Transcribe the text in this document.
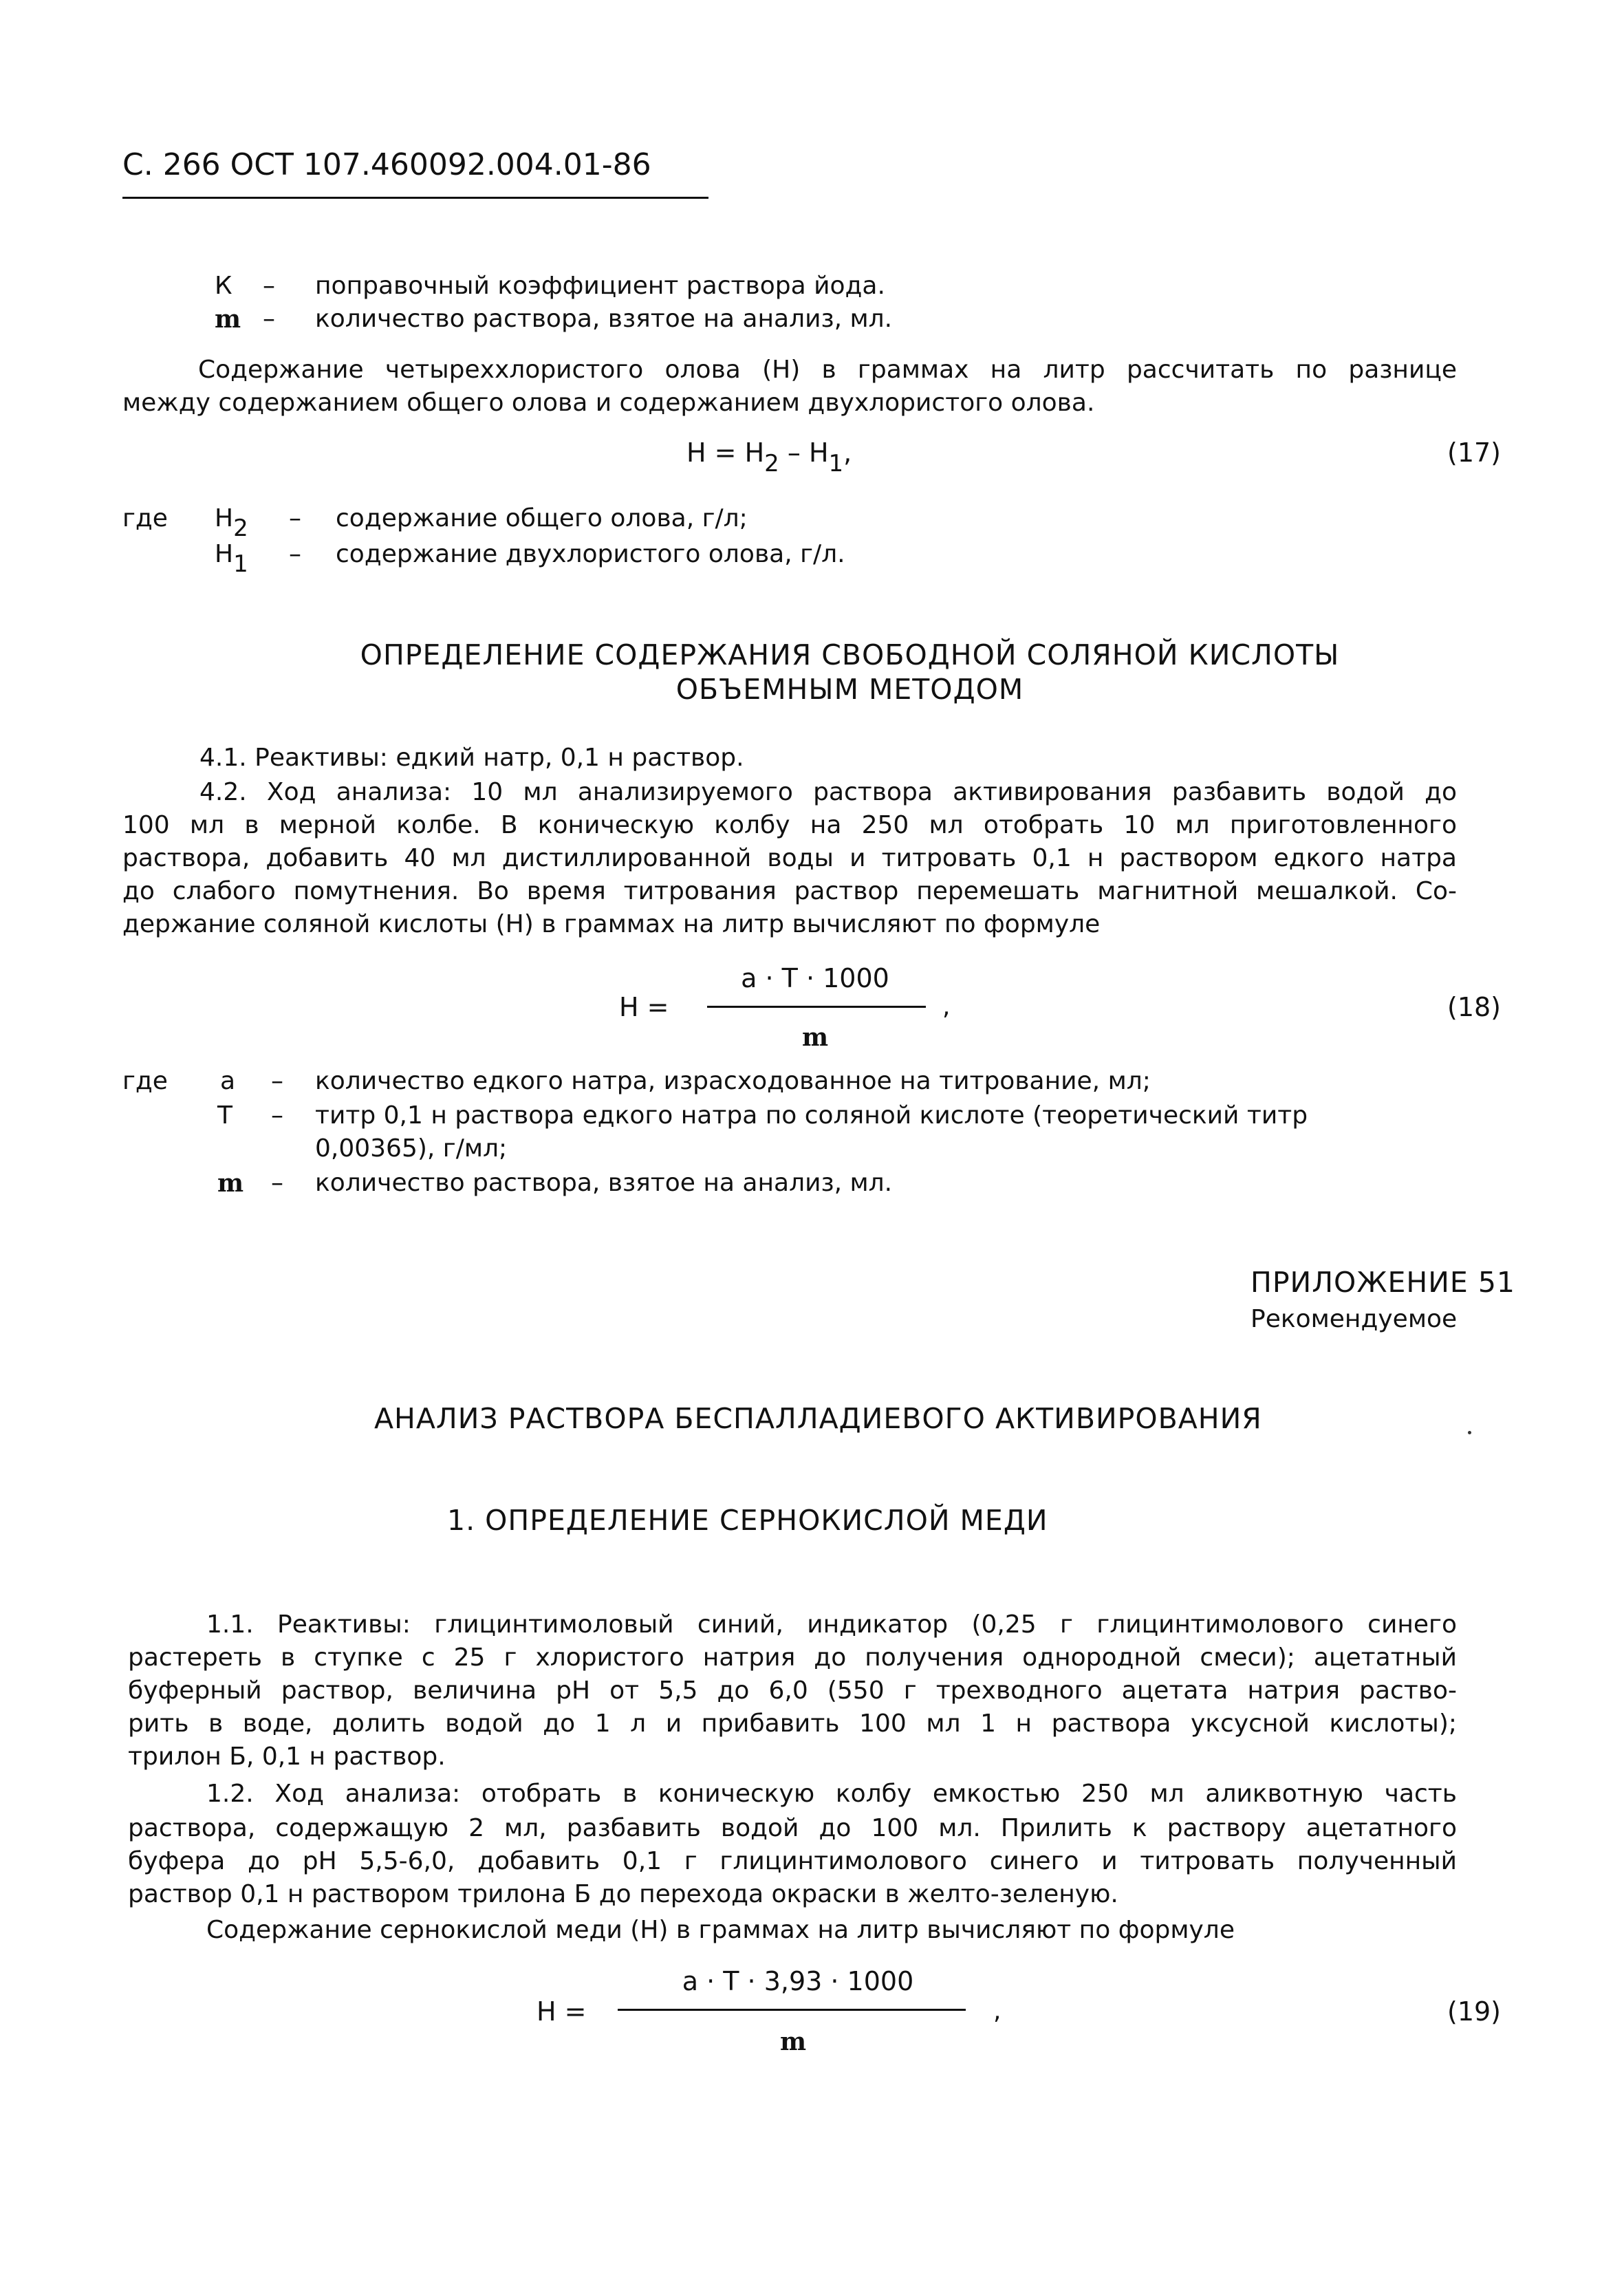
С. 266 ОСТ 107.460092.004.01-86
К – поправочный коэффициент раствора йода.
m – количество раствора, взятое на анализ, мл.
Содержание четыреххлористого олова (Н) в граммах на литр рассчитать по разнице
между содержанием общего олова и содержанием двухлористого олова.
Н = Н2 – Н1,	(17)
где Н2 – содержание общего олова, г/л;
Н1 – содержание двухлористого олова, г/л.
ОПРЕДЕЛЕНИЕ СОДЕРЖАНИЯ СВОБОДНОЙ СОЛЯНОЙ КИСЛОТЫ
ОБЪЕМНЫМ МЕТОДОМ
4.1. Реактивы: едкий натр, 0,1 н раствор.
4.2. Ход анализа: 10 мл анализируемого раствора активирования разбавить водой до
100 мл в мерной колбе. В коническую колбу на 250 мл отобрать 10 мл приготовленного
раствора, добавить 40 мл дистиллированной воды и титровать 0,1 н раствором едкого натра
до слабого помутнения. Во время титрования раствор перемешать магнитной мешалкой. Со-
держание соляной кислоты (Н) в граммах на литр вычисляют по формуле
а · Т · 1000
Н =	,
m
(18)
где а – количество едкого натра, израсходованное на титрование, мл;
Т – титр 0,1 н раствора едкого натра по соляной кислоте (теоретический титр
0,00365), г/мл;
m – количество раствора, взятое на анализ, мл.
ПРИЛОЖЕНИЕ 51
Рекомендуемое
АНАЛИЗ РАСТВОРА БЕСПАЛЛАДИЕВОГО АКТИВИРОВАНИЯ
1. ОПРЕДЕЛЕНИЕ СЕРНОКИСЛОЙ МЕДИ
1.1. Реактивы: глицинтимоловый синий, индикатор (0,25 г глицинтимолового синего
растереть в ступке с 25 г хлористого натрия до получения однородной смеси); ацетатный
буферный раствор, величина рН от 5,5 до 6,0 (550 г трехводного ацетата натрия раство-
рить в воде, долить водой до 1 л и прибавить 100 мл 1 н раствора уксусной кислоты);
трилон Б, 0,1 н раствор.
1.2. Ход анализа: отобрать в коническую колбу емкостью 250 мл аликвотную часть
раствора, содержащую 2 мл, разбавить водой до 100 мл. Прилить к раствору ацетатного
буфера до рН 5,5-6,0, добавить 0,1 г глицинтимолового синего и титровать полученный
раствор 0,1 н раствором трилона Б до перехода окраски в желто-зеленую.
Содержание сернокислой меди (Н) в граммах на литр вычисляют по формуле
а · Т · 3,93 · 1000
Н =	,
m
(19)
